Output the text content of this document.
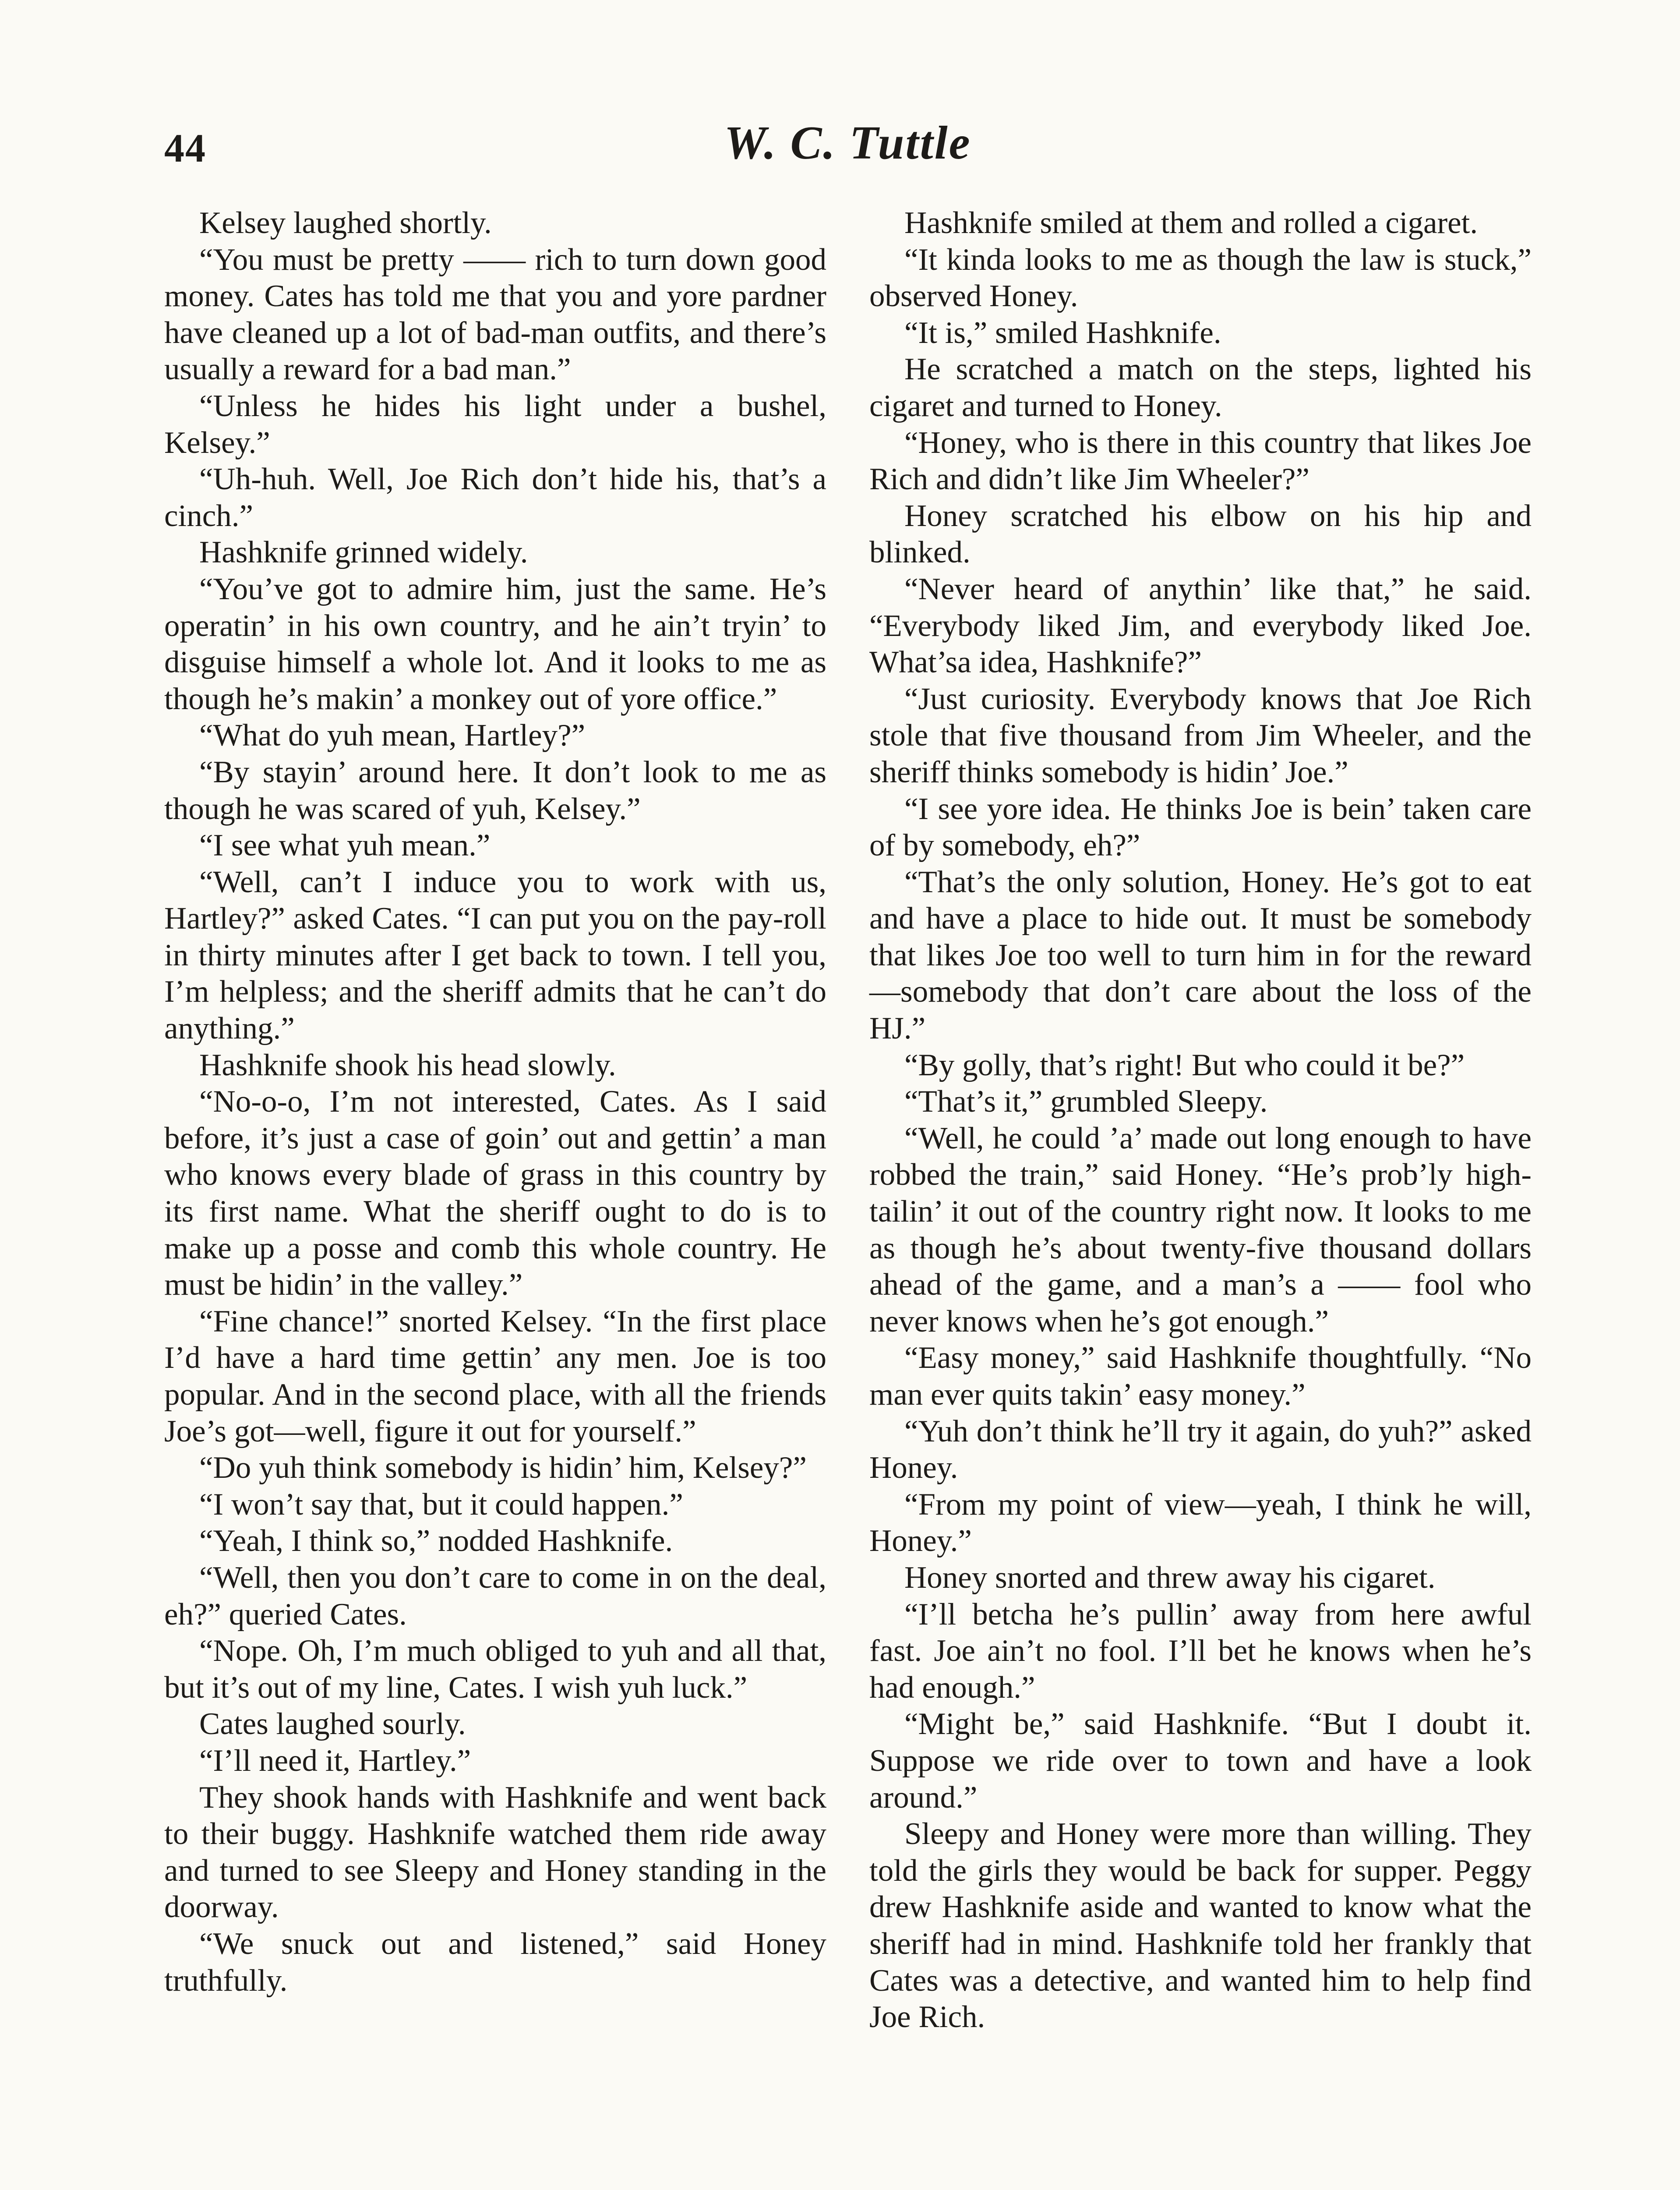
44	W. C. Tuttle

Kelsey laughed shortly.

“You must be pretty —— rich to turn down good money. Cates has told me that you and yore pardner have cleaned up a lot of bad-man outfits, and there’s usually a reward for a bad man.”

“Unless he hides his light under a bushel, Kelsey.”

“Uh-huh. Well, Joe Rich don’t hide his, that’s a cinch.”

Hashknife grinned widely.

“You’ve got to admire him, just the same. He’s operatin’ in his own country, and he ain’t tryin’ to disguise himself a whole lot. And it looks to me as though he’s makin’ a monkey out of yore office.”

“What do yuh mean, Hartley?”

“By stayin’ around here. It don’t look to me as though he was scared of yuh, Kelsey.”

“I see what yuh mean.”

“Well, can’t I induce you to work with us, Hartley?” asked Cates. “I can put you on the pay-roll in thirty minutes after I get back to town. I tell you, I’m helpless; and the sheriff admits that he can’t do anything.”

Hashknife shook his head slowly.

“No-o-o, I’m not interested, Cates. As I said before, it’s just a case of goin’ out and gettin’ a man who knows every blade of grass in this country by its first name. What the sheriff ought to do is to make up a posse and comb this whole country. He must be hidin’ in the valley.”

“Fine chance!” snorted Kelsey. “In the first place I’d have a hard time gettin’ any men. Joe is too popular. And in the second place, with all the friends Joe’s got—well, figure it out for yourself.”

“Do yuh think somebody is hidin’ him, Kelsey?”

“I won’t say that, but it could happen.”

“Yeah, I think so,” nodded Hashknife.

“Well, then you don’t care to come in on the deal, eh?” queried Cates.

“Nope. Oh, I’m much obliged to yuh and all that, but it’s out of my line, Cates. I wish yuh luck.”

Cates laughed sourly.

“I’ll need it, Hartley.”

They shook hands with Hashknife and went back to their buggy. Hashknife watched them ride away and turned to see Sleepy and Honey standing in the doorway.

“We snuck out and listened,” said Honey truthfully.

Hashknife smiled at them and rolled a cigaret.

“It kinda looks to me as though the law is stuck,” observed Honey.

“It is,” smiled Hashknife.

He scratched a match on the steps, lighted his cigaret and turned to Honey.

“Honey, who is there in this country that likes Joe Rich and didn’t like Jim Wheeler?”

Honey scratched his elbow on his hip and blinked.

“Never heard of anythin’ like that,” he said. “Everybody liked Jim, and everybody liked Joe. What’sa idea, Hashknife?”

“Just curiosity. Everybody knows that Joe Rich stole that five thousand from Jim Wheeler, and the sheriff thinks somebody is hidin’ Joe.”

“I see yore idea. He thinks Joe is bein’ taken care of by somebody, eh?”

“That’s the only solution, Honey. He’s got to eat and have a place to hide out. It must be somebody that likes Joe too well to turn him in for the reward—somebody that don’t care about the loss of the HJ.”

“By golly, that’s right! But who could it be?”

“That’s it,” grumbled Sleepy.

“Well, he could ’a’ made out long enough to have robbed the train,” said Honey. “He’s prob’ly high-tailin’ it out of the country right now. It looks to me as though he’s about twenty-five thousand dollars ahead of the game, and a man’s a —— fool who never knows when he’s got enough.”

“Easy money,” said Hashknife thoughtfully. “No man ever quits takin’ easy money.”

“Yuh don’t think he’ll try it again, do yuh?” asked Honey.

“From my point of view—yeah, I think he will, Honey.”

Honey snorted and threw away his cigaret.

“I’ll betcha he’s pullin’ away from here awful fast. Joe ain’t no fool. I’ll bet he knows when he’s had enough.”

“Might be,” said Hashknife. “But I doubt it. Suppose we ride over to town and have a look around.”

Sleepy and Honey were more than willing. They told the girls they would be back for supper. Peggy drew Hashknife aside and wanted to know what the sheriff had in mind. Hashknife told her frankly that Cates was a detective, and wanted him to help find Joe Rich.
